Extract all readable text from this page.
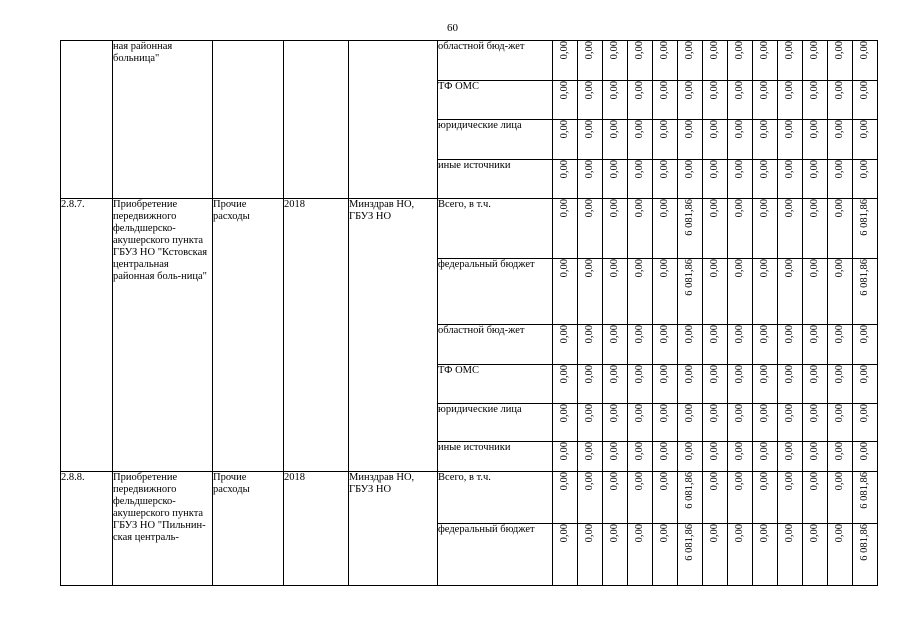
60
	ная районная больница"				областной бюд-жет	0,00	0,00	0,00	0,00	0,00	0,00	0,00	0,00	0,00	0,00	0,00	0,00	0,00
					ТФ ОМС	0,00	0,00	0,00	0,00	0,00	0,00	0,00	0,00	0,00	0,00	0,00	0,00	0,00
					юридические лица	0,00	0,00	0,00	0,00	0,00	0,00	0,00	0,00	0,00	0,00	0,00	0,00	0,00
					иные источники	0,00	0,00	0,00	0,00	0,00	0,00	0,00	0,00	0,00	0,00	0,00	0,00	0,00
2.8.7.	Приобретение передвижного фельдшерско-акушерского пункта ГБУЗ НО "Кстовская центральная районная боль-ница"	Прочие расходы	2018	Минздрав НО, ГБУЗ НО	Всего, в т.ч.	0,00	0,00	0,00	0,00	0,00	6 081,86	0,00	0,00	0,00	0,00	0,00	0,00	6 081,86
					федеральный бюджет	0,00	0,00	0,00	0,00	0,00	6 081,86	0,00	0,00	0,00	0,00	0,00	0,00	6 081,86
					областной бюд-жет	0,00	0,00	0,00	0,00	0,00	0,00	0,00	0,00	0,00	0,00	0,00	0,00	0,00
					ТФ ОМС	0,00	0,00	0,00	0,00	0,00	0,00	0,00	0,00	0,00	0,00	0,00	0,00	0,00
					юридические лица	0,00	0,00	0,00	0,00	0,00	0,00	0,00	0,00	0,00	0,00	0,00	0,00	0,00
					иные источники	0,00	0,00	0,00	0,00	0,00	0,00	0,00	0,00	0,00	0,00	0,00	0,00	0,00
2.8.8.	Приобретение передвижного фельдшерско-акушерского пункта ГБУЗ НО "Пильнин-ская централь-	Прочие расходы	2018	Минздрав НО, ГБУЗ НО	Всего, в т.ч.	0,00	0,00	0,00	0,00	0,00	6 081,86	0,00	0,00	0,00	0,00	0,00	0,00	6 081,86
					федеральный бюджет	0,00	0,00	0,00	0,00	0,00	6 081,86	0,00	0,00	0,00	0,00	0,00	0,00	6 081,86
